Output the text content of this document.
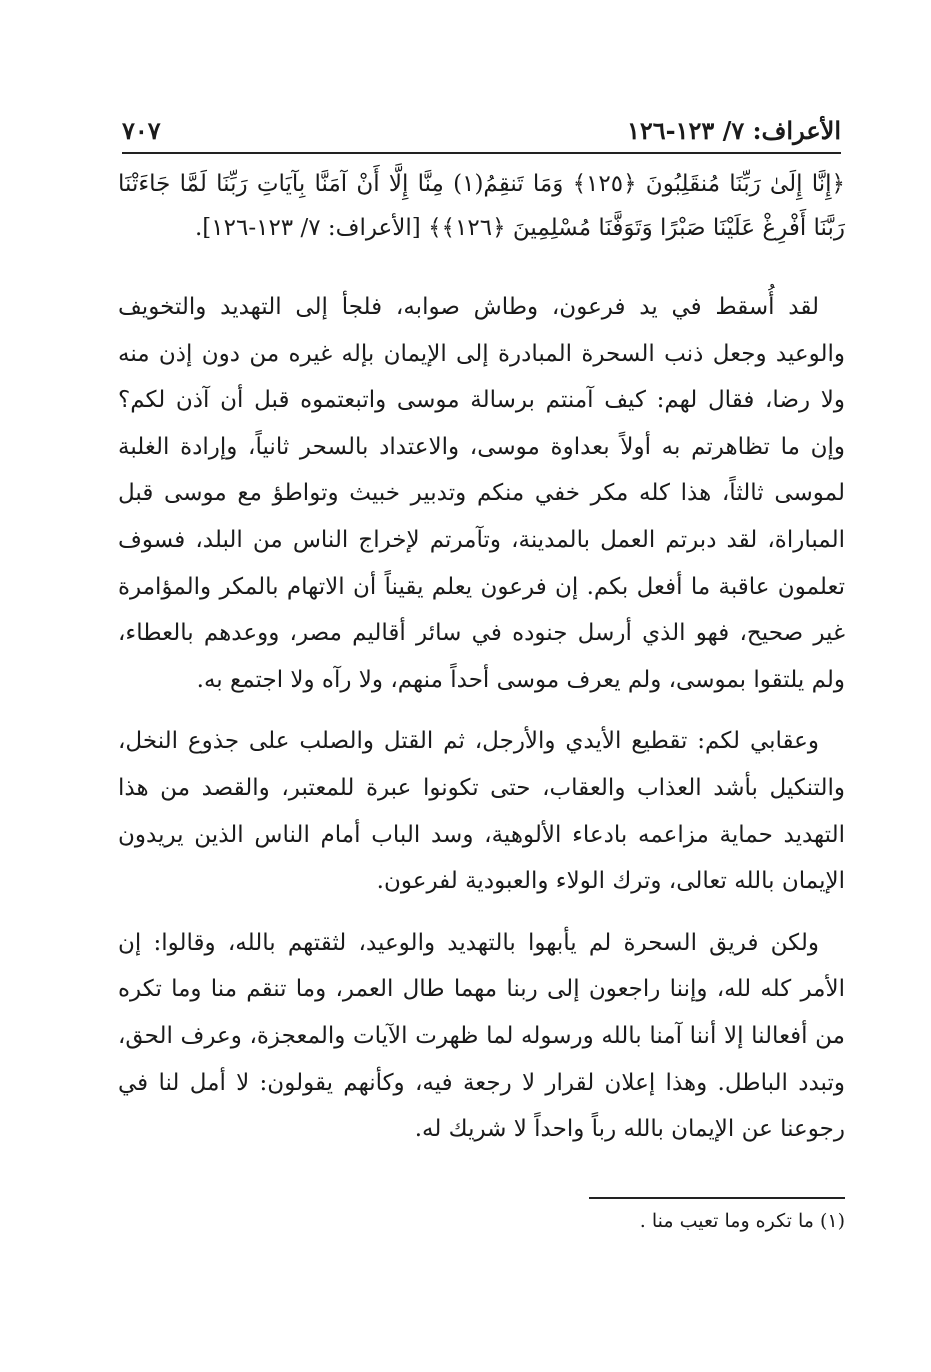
الأعراف: ٧/ ١٢٣-١٢٦
٧٠٧
﴿إِنَّا إِلَىٰ رَبِّنَا مُنقَلِبُونَ ﴿١٢٥﴾ وَمَا تَنقِمُ(١) مِنَّا إِلَّا أَنْ آمَنَّا بِآيَاتِ رَبِّنَا لَمَّا جَاءَتْنَا رَبَّنَا أَفْرِغْ عَلَيْنَا صَبْرًا وَتَوَفَّنَا مُسْلِمِينَ ﴿١٢٦﴾﴾ [الأعراف: ٧/ ١٢٣-١٢٦].

لقد أُسقط في يد فرعون، وطاش صوابه، فلجأ إلى التهديد والتخويف والوعيد وجعل ذنب السحرة المبادرة إلى الإيمان بإله غيره من دون إذن منه ولا رضا، فقال لهم: كيف آمنتم برسالة موسى واتبعتموه قبل أن آذن لكم؟ وإن ما تظاهرتم به أولاً بعداوة موسى، والاعتداد بالسحر ثانياً، وإرادة الغلبة لموسى ثالثاً، هذا كله مكر خفي منكم وتدبير خبيث وتواطؤ مع موسى قبل المباراة، لقد دبرتم العمل بالمدينة، وتآمرتم لإخراج الناس من البلد، فسوف تعلمون عاقبة ما أفعل بكم. إن فرعون يعلم يقيناً أن الاتهام بالمكر والمؤامرة غير صحيح، فهو الذي أرسل جنوده في سائر أقاليم مصر، ووعدهم بالعطاء، ولم يلتقوا بموسى، ولم يعرف موسى أحداً منهم، ولا رآه ولا اجتمع به.

وعقابي لكم: تقطيع الأيدي والأرجل، ثم القتل والصلب على جذوع النخل، والتنكيل بأشد العذاب والعقاب، حتى تكونوا عبرة للمعتبر، والقصد من هذا التهديد حماية مزاعمه بادعاء الألوهية، وسد الباب أمام الناس الذين يريدون الإيمان بالله تعالى، وترك الولاء والعبودية لفرعون.

ولكن فريق السحرة لم يأبهوا بالتهديد والوعيد، لثقتهم بالله، وقالوا: إن الأمر كله لله، وإننا راجعون إلى ربنا مهما طال العمر، وما تنقم منا وما تكره من أفعالنا إلا أننا آمنا بالله ورسوله لما ظهرت الآيات والمعجزة، وعرف الحق، وتبدد الباطل. وهذا إعلان لقرار لا رجعة فيه، وكأنهم يقولون: لا أمل لنا في رجوعنا عن الإيمان بالله رباً واحداً لا شريك له.

(١) ما تكره وما تعيب منا .
